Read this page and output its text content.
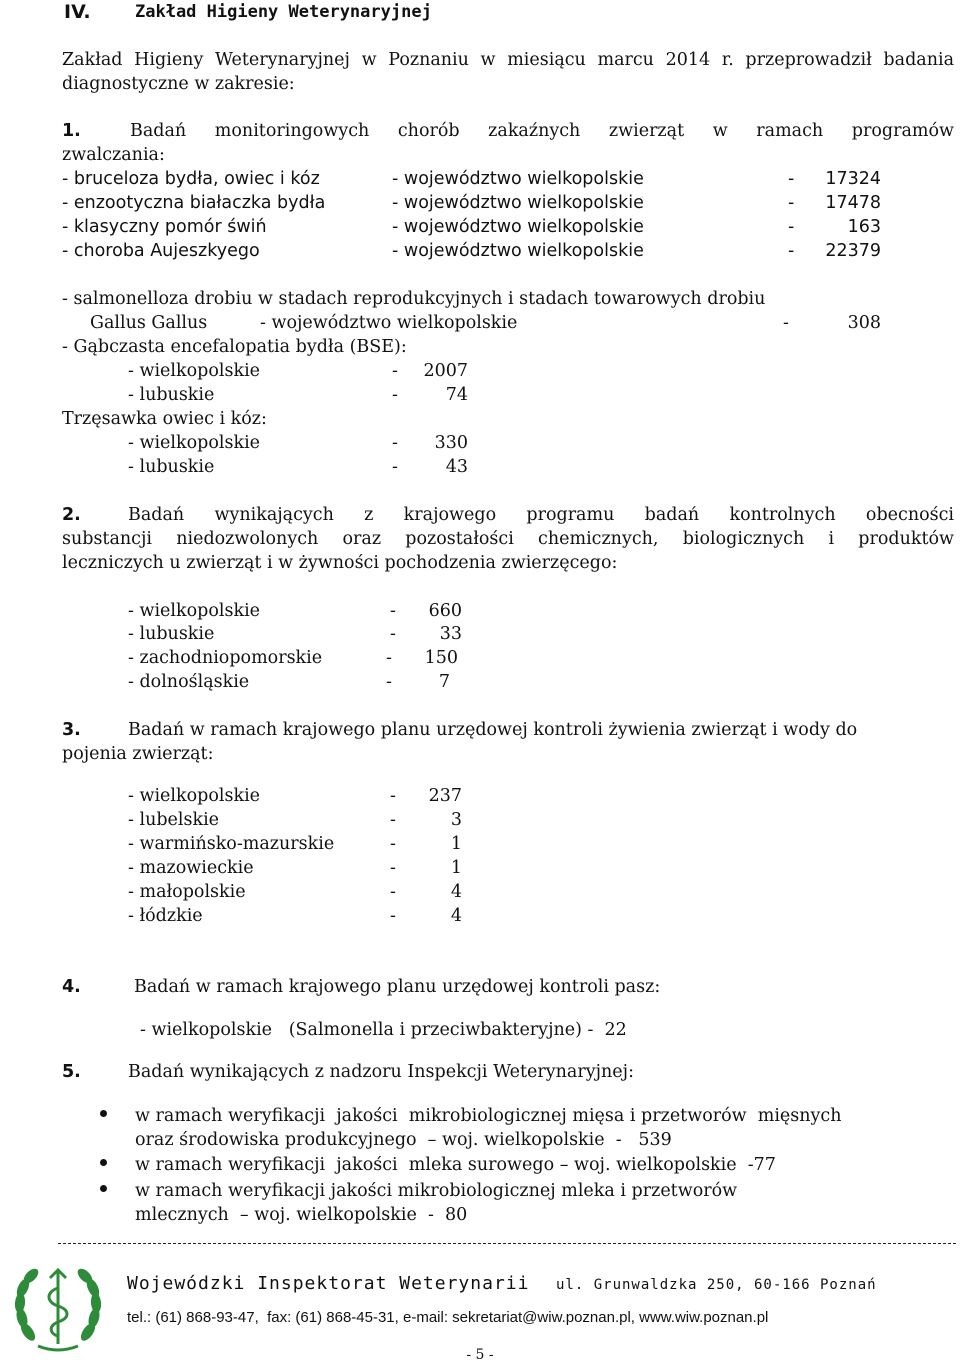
IV.	Zakład Higieny Weterynaryjnej
Zakład Higieny Weterynaryjnej w Poznaniu w miesiącu marcu 2014 r. przeprowadził badania diagnostyczne w zakresie:
1.	Badań monitoringowych chorób zakaźnych zwierząt w ramach programów
zwalczania:
- bruceloza bydła, owiec i kóz	- województwo wielkopolskie	-	17324
- enzootyczna białaczka bydła	- województwo wielkopolskie	-	17478
- klasyczny pomór świń	- województwo wielkopolskie	-	163
- choroba Aujeszkyego	- województwo wielkopolskie	-	22379
- salmonelloza drobiu w stadach reprodukcyjnych i stadach towarowych drobiu
Gallus Gallus	- województwo wielkopolskie	-	308
- Gąbczasta encefalopatia bydła (BSE):
- wielkopolskie	-	2007
- lubuskie	-	74
Trzęsawka owiec i kóz:
- wielkopolskie	-	330
- lubuskie	-	43
2.	Badań wynikających z krajowego programu badań kontrolnych obecności
substancji niedozwolonych oraz pozostałości chemicznych, biologicznych i produktów
leczniczych u zwierząt i w żywności pochodzenia zwierzęcego:
- wielkopolskie	-	660
- lubuskie	-	33
- zachodniopomorskie	-	150
- dolnośląskie	-	7
3.	Badań w ramach krajowego planu urzędowej kontroli żywienia zwierząt i wody do
pojenia zwierząt:
- wielkopolskie	-	237
- lubelskie	-	3
- warmińsko-mazurskie	-	1
- mazowieckie	-	1
- małopolskie	-	4
- łódzkie	-	4
4.	Badań w ramach krajowego planu urzędowej kontroli pasz:
- wielkopolskie   (Salmonella i przeciwbakteryjne) -  22
5.	Badań wynikających z nadzoru Inspekcji Weterynaryjnej:
w ramach weryfikacji  jakości  mikrobiologicznej mięsa i przetworów  mięsnych
oraz środowiska produkcyjnego  – woj. wielkopolskie  -   539
w ramach weryfikacji  jakości  mleka surowego – woj. wielkopolskie  -77
w ramach weryfikacji jakości mikrobiologicznej mleka i przetworów
mlecznych  – woj. wielkopolskie  -  80
Wojewódzki Inspektorat Weterynarii ul. Grunwaldzka 250, 60-166 Poznań
tel.: (61) 868-93-47,  fax: (61) 868-45-31, e-mail: sekretariat@wiw.poznan.pl, www.wiw.poznan.pl
- 5 -
